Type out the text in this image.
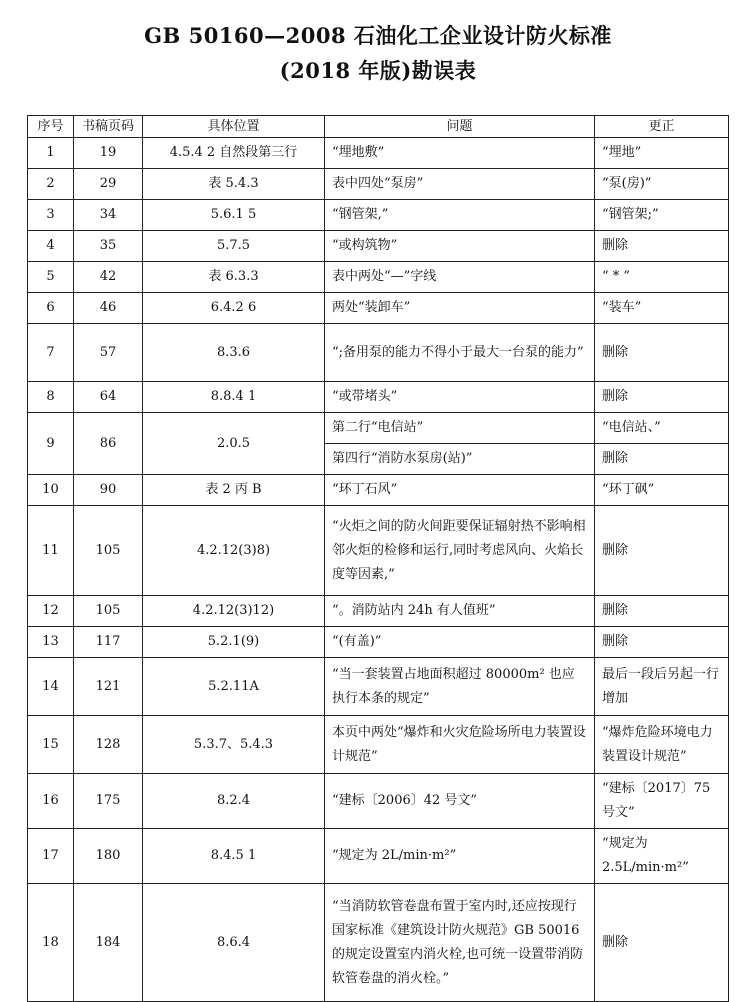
GB 50160—2008 石油化工企业设计防火标准
(2018 年版)勘误表
序号	书稿页码	具体位置	问题	更正
1	19	4.5.4 2 自然段第三行	“埋地敷”	“埋地”
2	29	表 5.4.3	表中四处“泵房”	“泵(房)”
3	34	5.6.1 5	“钢管架,”	“钢管架;”
4	35	5.7.5	“或构筑物”	删除
5	42	表 6.3.3	表中两处“—”字线	“ * ”
6	46	6.4.2 6	两处“装卸车”	“装车”
7	57	8.3.6	“;备用泵的能力不得小于最大一台泵的能力”	删除
8	64	8.8.4 1	“或带堵头”	删除
9	86	2.0.5	第二行“电信站”	“电信站、”
			第四行“消防水泵房(站)”	删除
10	90	表 2 丙 B	“环丁石风”	“环丁砜”
11	105	4.2.12(3)8)	“火炬之间的防火间距要保证辐射热不影响相邻火炬的检修和运行,同时考虑风向、火焰长度等因素,”	删除
12	105	4.2.12(3)12)	“。消防站内 24h 有人值班”	删除
13	117	5.2.1(9)	“(有盖)”	删除
14	121	5.2.11A	“当一套装置占地面积超过 80000m² 也应执行本条的规定”	最后一段后另起一行增加
15	128	5.3.7、5.4.3	本页中两处“爆炸和火灾危险场所电力装置设计规范”	“爆炸危险环境电力装置设计规范”
16	175	8.2.4	“建标〔2006〕42 号文”	“建标〔2017〕75 号文”
17	180	8.4.5 1	“规定为 2L/min·m²”	“规定为 2.5L/min·m²”
18	184	8.6.4	“当消防软管卷盘布置于室内时,还应按现行国家标准《建筑设计防火规范》GB 50016的规定设置室内消火栓,也可统一设置带消防软管卷盘的消火栓。”	删除
